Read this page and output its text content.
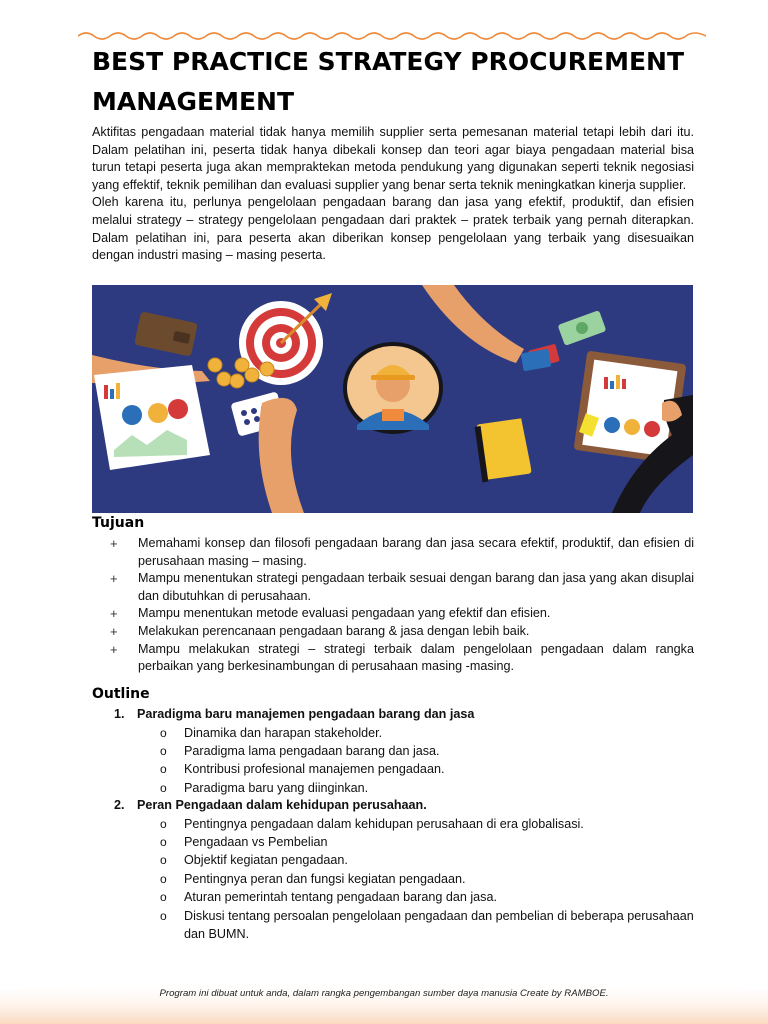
BEST PRACTICE STRATEGY PROCUREMENT
MANAGEMENT

Aktifitas pengadaan material tidak hanya memilih supplier serta pemesanan material tetapi lebih dari itu. Dalam pelatihan ini, peserta tidak hanya dibekali konsep dan teori agar biaya pengadaan material bisa turun tetapi peserta juga akan mempraktekan metoda pendukung yang digunakan seperti teknik negosiasi yang effektif, teknik pemilihan dan evaluasi supplier yang benar serta teknik meningkatkan kinerja supplier.

Oleh karena itu, perlunya pengelolaan pengadaan barang dan jasa yang efektif, produktif, dan efisien melalui strategy – strategy pengelolaan pengadaan dari praktek – pratek terbaik yang pernah diterapkan. Dalam pelatihan ini, para peserta akan diberikan konsep pengelolaan yang terbaik yang disesuaikan dengan industri masing – masing peserta.

Tujuan
+ Memahami konsep dan filosofi pengadaan barang dan jasa secara efektif, produktif, dan efisien di perusahaan masing – masing.
+ Mampu menentukan strategi pengadaan terbaik sesuai dengan barang dan jasa yang akan disuplai dan dibutuhkan di perusahaan.
+ Mampu menentukan metode evaluasi pengadaan yang efektif dan efisien.
+ Melakukan perencanaan pengadaan barang & jasa dengan lebih baik.
+ Mampu melakukan strategi – strategi terbaik dalam pengelolaan pengadaan dalam rangka perbaikan yang berkesinambungan di perusahaan masing -masing.
Outline
1. Paradigma baru manajemen pengadaan barang dan jasa
o Dinamika dan harapan stakeholder.
o Paradigma lama pengadaan barang dan jasa.
o Kontribusi profesional manajemen pengadaan.
o Paradigma baru yang diinginkan.
2. Peran Pengadaan dalam kehidupan perusahaan.
o Pentingnya pengadaan dalam kehidupan perusahaan di era globalisasi.
o Pengadaan vs Pembelian
o Objektif kegiatan pengadaan.
o Pentingnya peran dan fungsi kegiatan pengadaan.
o Aturan pemerintah tentang pengadaan barang dan jasa.
o Diskusi tentang persoalan pengelolaan pengadaan dan pembelian di beberapa perusahaan dan BUMN.
Program ini dibuat untuk anda, dalam rangka pengembangan sumber daya manusia Create by RAMBOE.
